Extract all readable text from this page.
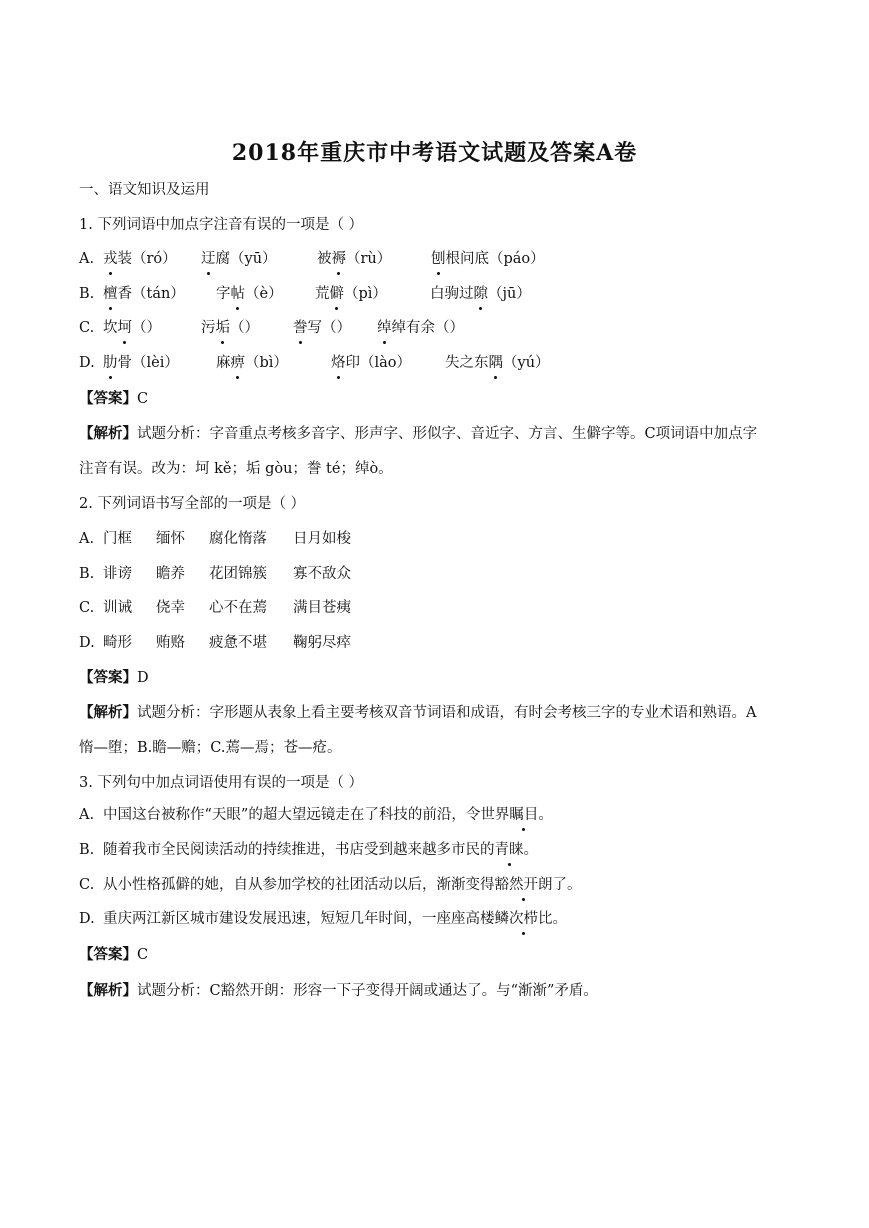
2018年重庆市中考语文试题及答案A卷
一、语文知识及运用
1. 下列词语中加点字注音有误的一项是（ ）
A. 戎装（ró） 迂腐（yū）	被褥（rù）	刨根问底（páo）
B. 檀香（tán） 字帖（è） 荒僻（pì）	白驹过隙（jū）
C. 坎坷（）	污垢（） 誊写（） 绰绰有余（）
D. 肋骨（lèi）	麻痹（bì）	烙印（lào） 失之东隅（yú）
【答案】C
【解析】试题分析：字音重点考核多音字、形声字、形似字、音近字、方言、生僻字等。C项词语中加点字
注音有误。改为：坷 kě；垢 gòu；誊 té；绰ò。
2. 下列词语书写全部的一项是（ ）
A. 门框 缅怀 腐化惰落 日月如梭
B. 诽谤 瞻养 花团锦簇 寡不敌众
C. 训诫 侥幸 心不在蔫 满目苍痍
D. 畸形 贿赂 疲惫不堪 鞠躬尽瘁
【答案】D
【解析】试题分析：字形题从表象上看主要考核双音节词语和成语，有时会考核三字的专业术语和熟语。A
惰—堕；B.瞻—赡；C.蔫—焉；苍—疮。
3. 下列句中加点词语使用有误的一项是（ ）
A. 中国这台被称作“天眼”的超大望远镜走在了科技的前沿，令世界瞩目。
B. 随着我市全民阅读活动的持续推进，书店受到越来越多市民的青睐。
C. 从小性格孤僻的她，自从参加学校的社团活动以后，渐渐变得豁然开朗了。
D. 重庆两江新区城市建设发展迅速，短短几年时间，一座座高楼鳞次栉比。
【答案】C
【解析】试题分析：C豁然开朗：形容一下子变得开阔或通达了。与“渐渐”矛盾。
